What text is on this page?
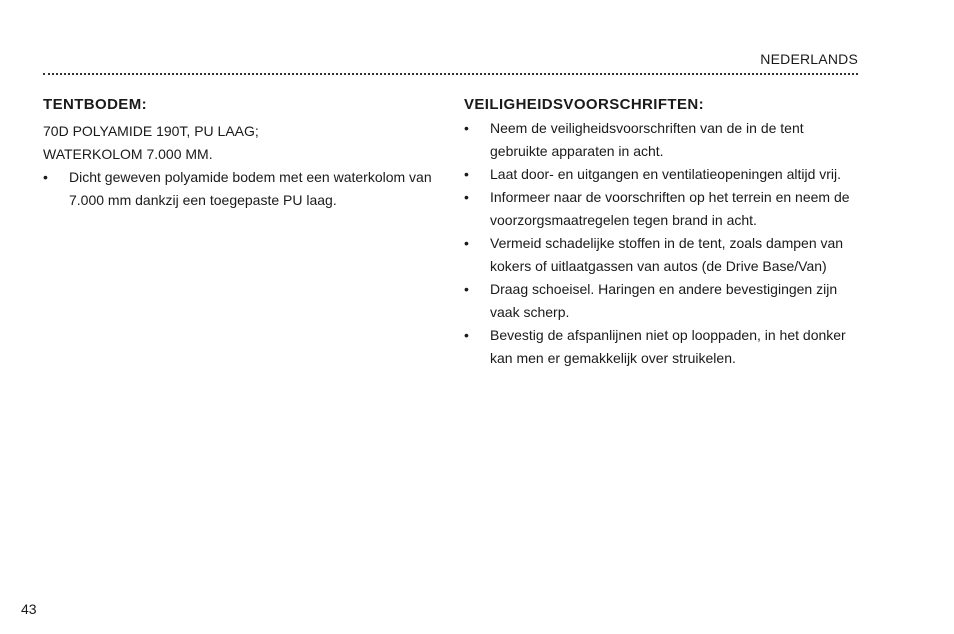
NEDERLANDS
TENTBODEM:

70D POLYAMIDE 190T, PU LAAG;

WATERKOLOM 7.000 MM.

•	Dicht geweven polyamide bodem met een waterkolom van 7.000 mm dankzij een toegepaste PU laag.
VEILIGHEIDSVOORSCHRIFTEN:
•	Neem de veiligheidsvoorschriften van de in de tent gebruikte apparaten in acht.
•	Laat door- en uitgangen en ventilatieopeningen altijd vrij.
•	Informeer naar de voorschriften op het terrein en neem de voorzorgsmaatregelen tegen brand in acht.
•	Vermeid schadelijke stoffen in de tent, zoals dampen van kokers of uitlaatgassen van autos (de Drive Base/Van)
•	Draag schoeisel. Haringen en andere bevestigingen zijn vaak scherp.
•	Bevestig de afspanlijnen niet op looppaden, in het donker kan men er gemakkelijk over struikelen.
43
